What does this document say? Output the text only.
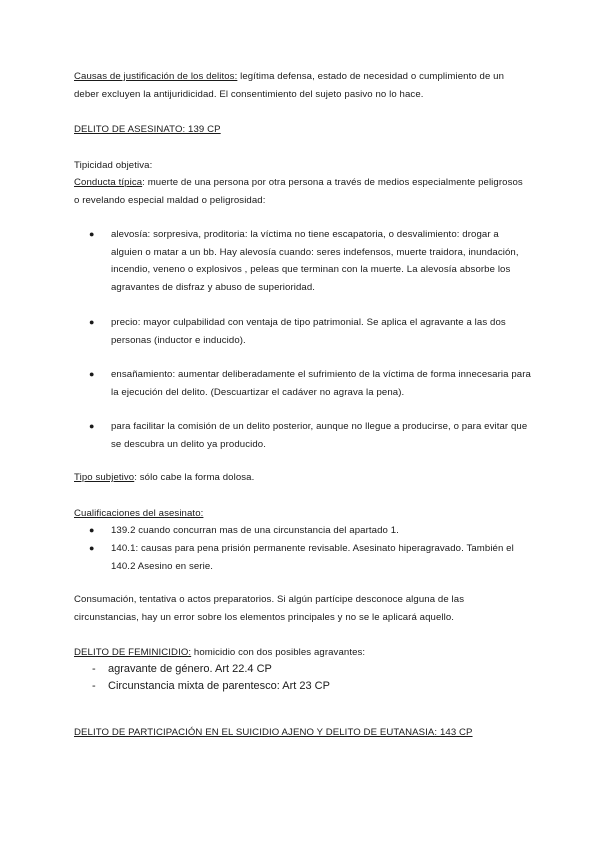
Causas de justificación de los delitos: legítima defensa, estado de necesidad o cumplimiento de un deber excluyen la antijuridicidad. El consentimiento del sujeto pasivo no lo hace.
DELITO DE ASESINATO: 139 CP
Tipicidad objetiva:
Conducta típica: muerte de una persona por otra persona a través de medios especialmente peligrosos o revelando especial maldad o peligrosidad:
● alevosía: sorpresiva, proditoria: la víctima no tiene escapatoria, o desvalimiento: drogar a alguien o matar a un bb. Hay alevosía cuando: seres indefensos, muerte traidora, inundación, incendio, veneno o explosivos , peleas que terminan con la muerte. La alevosía absorbe los agravantes de disfraz y abuso de superioridad.
● precio: mayor culpabilidad con ventaja de tipo patrimonial. Se aplica el agravante a las dos personas (inductor e inducido).
● ensañamiento: aumentar deliberadamente el sufrimiento de la víctima de forma innecesaria para la ejecución del delito. (Descuartizar el cadáver no agrava la pena).
● para facilitar la comisión de un delito posterior, aunque no llegue a producirse, o para evitar que se descubra un delito ya producido.
Tipo subjetivo: sólo cabe la forma dolosa.
Cualificaciones del asesinato:
● 139.2 cuando concurran mas de una circunstancia del apartado 1.
● 140.1: causas para pena prisión permanente revisable. Asesinato hiperagravado. También el 140.2 Asesino en serie.
Consumación, tentativa o actos preparatorios. Si algún partícipe desconoce alguna de las circunstancias, hay un error sobre los elementos principales y no se le aplicará aquello.
DELITO DE FEMINICIDIO: homicidio con dos posibles agravantes:
- agravante de género. Art 22.4 CP
- Circunstancia mixta de parentesco: Art 23 CP
DELITO DE PARTICIPACIÓN EN EL SUICIDIO AJENO Y DELITO DE EUTANASIA: 143 CP
